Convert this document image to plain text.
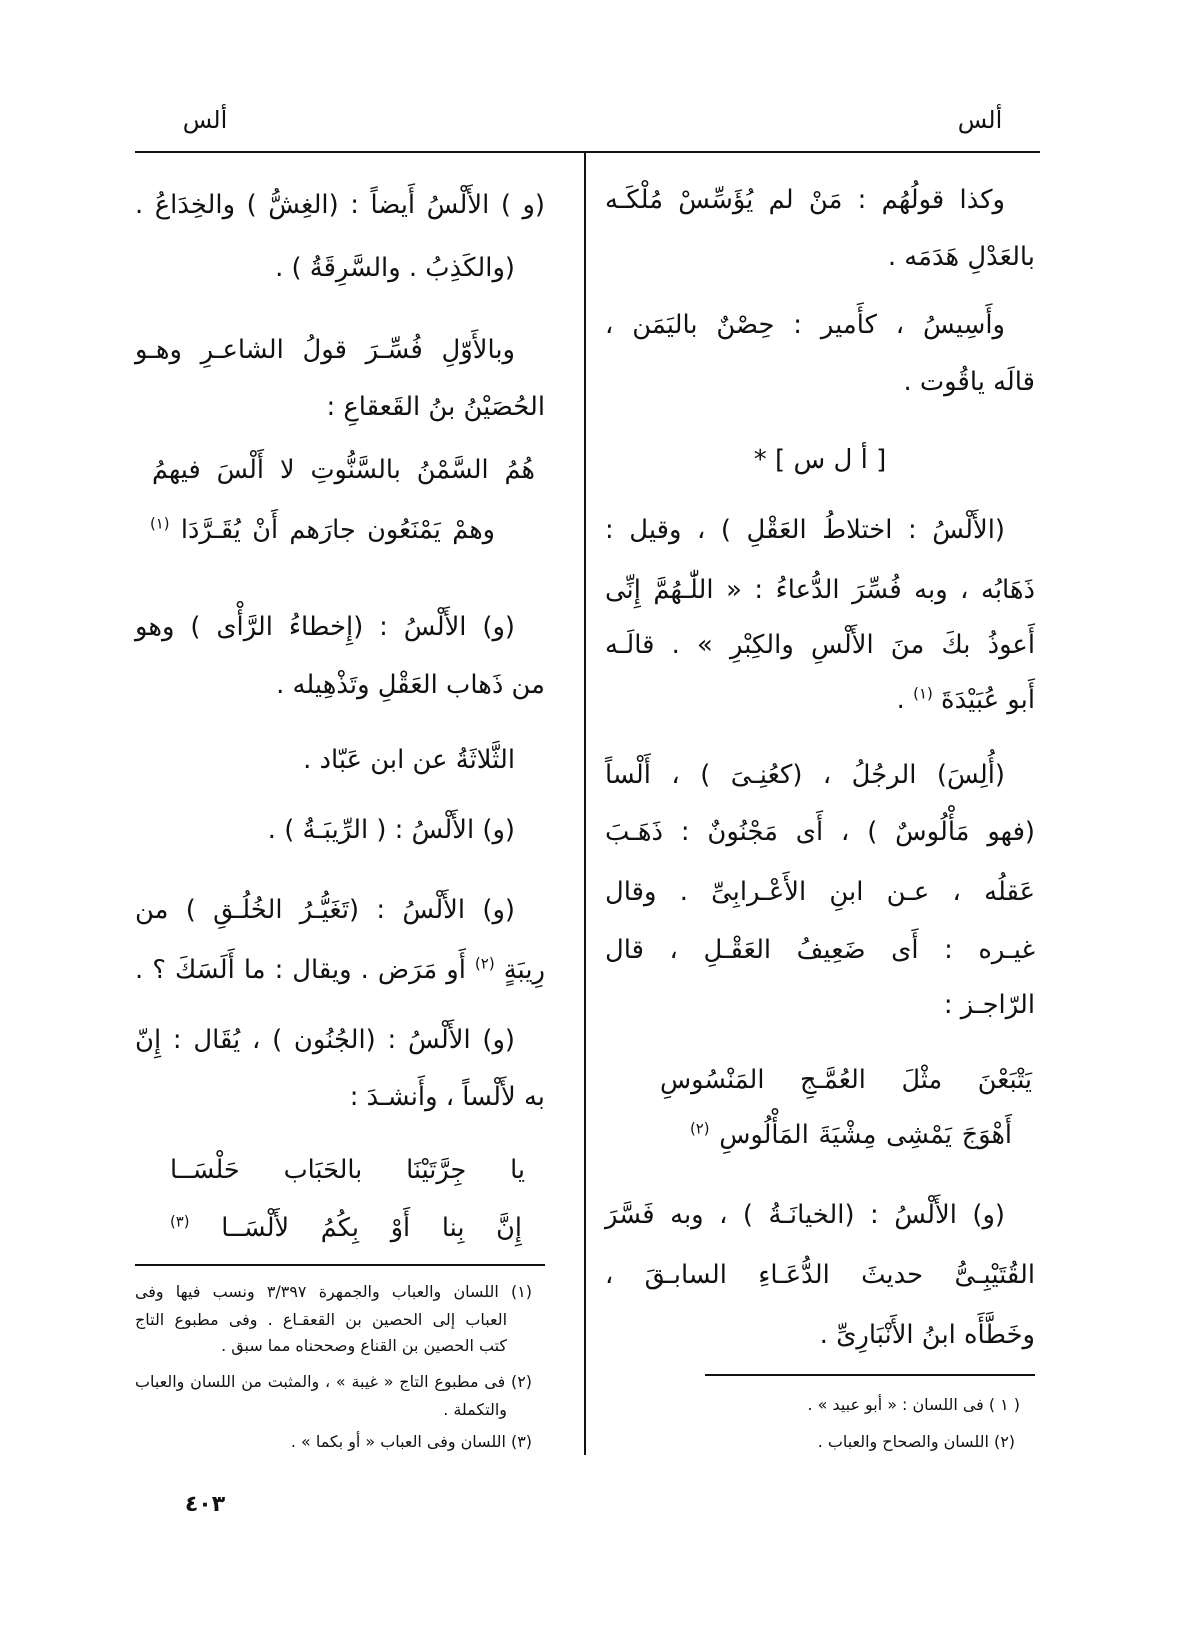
ألس
ألس
وكذا قولُهُم : مَنْ لم يُؤَسِّسْ مُلْكَـه
بالعَدْلِ هَدَمَه .
وأَسِيسُ ، كأَمير : حِصْنٌ باليَمَن ،
قالَه ياقُوت .
[ أ ل س ] *
(الأَلْسُ : اختلاطُ العَقْلِ ) ، وقيل :
ذَهَابُه ، وبه فُسِّرَ الدُّعاءُ : « اللّٰـهُمَّ إِنِّى
أَعوذُ بكَ منَ الأَلْسِ والكِبْرِ » . قالَـه
أَبو عُبَيْدَةَ $^{(١)}$ .
(أُلِسَ) الرجُلُ ، (كعُنِـىَ ) ، أَلْساً
(فهو مَأْلُوسٌ ) ، أَى مَجْنُونٌ : ذَهَـبَ
عَقلُه ، عـن ابنِ الأَعْـرابِىِّ . وقال
غيـره : أَى ضَعِيفُ العَقْـلِ ، قال
الرّاجـز :
يَتْبَعْنَ مثْلَ العُمَّـجِ المَنْسُوسِ
أَهْوَجَ يَمْشِى مِشْيَةَ المَأْلُوسِ $^{(٢)}$
(و) الأَلْسُ : (الخيانَـةُ ) ، وبه فَسَّرَ
القُتَيْبِـىُّ حديثَ الدُّعَـاءِ السابـقَ ،
وخَطَّأَه ابنُ الأَنْبَارِىِّ .
( ١ ) فى اللسان : « أبو عبيد » .
(٢) اللسان والصحاح والعباب .
(و ) الأَلْسُ أَيضاً : (الغِشُّ ) والخِدَاعُ .
(والكَذِبُ . والسَّرِقَةُ ) .
وبالأَوّلِ فُسِّـرَ قولُ الشاعـرِ وهـو
الحُصَيْنُ بنُ القَعقاعِ :
هُمُ السَّمْنُ بالسَّنُّوتِ لا أَلْسَ فيهمُ
وهمْ يَمْنَعُون جارَهم أَنْ يُقَـرَّدَا $^{(١)}$
(و) الأَلْسُ : (إِخطاءُ الرَّأْى ) وهو
من ذَهاب العَقْلِ وتَذْهِيله .
الثَّلاثَةُ عن ابن عَبّاد .
(و) الأَلْسُ : ( الرِّيبَـةُ ) .
(و) الأَلْسُ : (تَغَيُّـرُ الخُلُـقِ ) من
رِيبَةٍ $^{(٢)}$ أَو مَرَض . ويقال : ما أَلَسَكَ ؟ .
(و) الأَلْسُ : (الجُنُون ) ، يُقَال : إِنّ
به لأَلْساً ، وأَنشـدَ :
يا جِرَّتَيْنَا بالحَبَاب حَلْسَــا
إِنَّ بِنا أَوْ بِكُمُ لأَلْسَــا $^{(٣)}$
(١) اللسان والعباب والجمهرة ٣/٣٩٧ ونسب فيها وفى
العباب إلى الحصين بن القعقـاع . وفى مطبوع التاج
كتب الحصين بن القناع وصححناه مما سبق .
(٢) فى مطبوع التاج « غيبة » ، والمثبت من اللسان والعباب
والتكملة .
(٣) اللسان وفى العباب « أو بكما » .
٤٠٣
